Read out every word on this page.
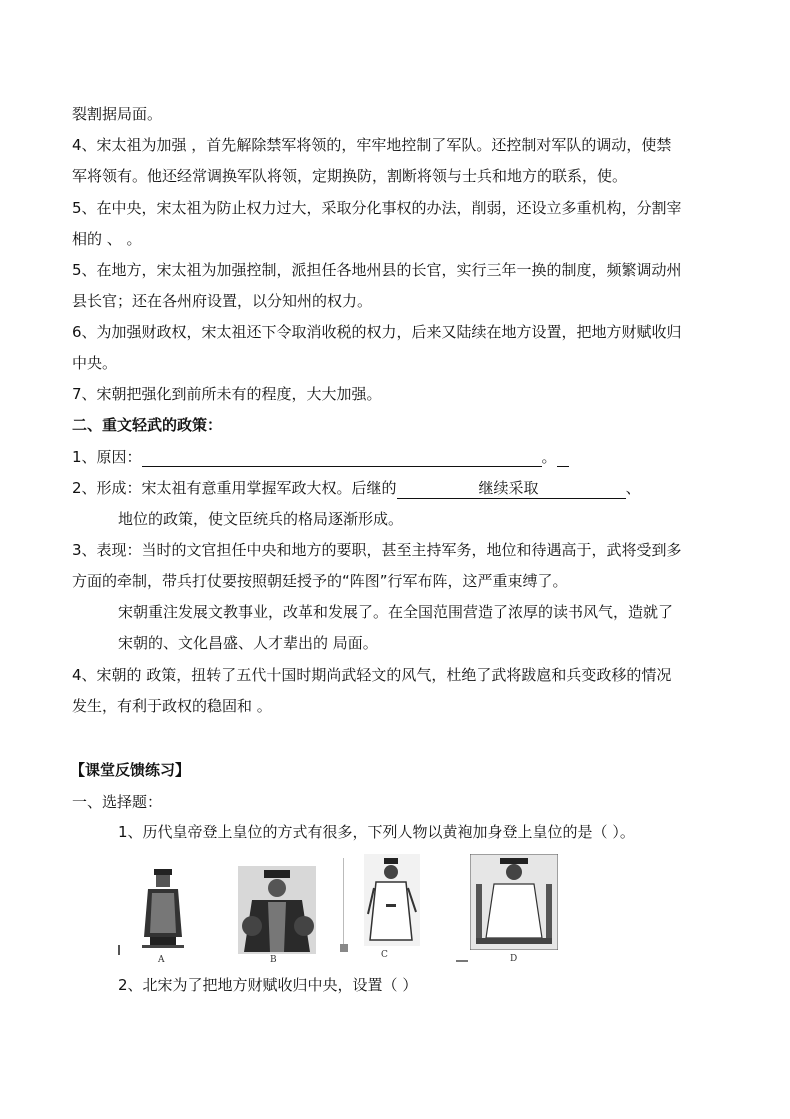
裂割据局面。
4、宋太祖为加强 ，首先解除禁军将领的，牢牢地控制了军队。还控制对军队的调动，使禁
军将领有。他还经常调换军队将领，定期换防，割断将领与士兵和地方的联系，使。
5、在中央，宋太祖为防止权力过大，采取分化事权的办法，削弱，还设立多重机构，分割宰
相的 、 。
5、在地方，宋太祖为加强控制，派担任各地州县的长官，实行三年一换的制度，频繁调动州
县长官；还在各州府设置，以分知州的权力。
6、为加强财政权，宋太祖还下令取消收税的权力，后来又陆续在地方设置，把地方财赋收归
中央。
7、宋朝把强化到前所未有的程度，大大加强。
二、重文轻武的政策：
1、原因：	。
2、形成：宋太祖有意重用掌握军政大权。后继的	继续采取	、
地位的政策，使文臣统兵的格局逐渐形成。
3、表现：当时的文官担任中央和地方的要职，甚至主持军务，地位和待遇高于，武将受到多
方面的牵制，带兵打仗要按照朝廷授予的“阵图”行军布阵，这严重束缚了。
宋朝重注发展文教事业，改革和发展了。在全国范围营造了浓厚的读书风气，造就了
宋朝的、文化昌盛、人才辈出的 局面。
4、宋朝的 政策，扭转了五代十国时期尚武轻文的风气，杜绝了武将跋扈和兵变政移的情况
发生，有利于政权的稳固和 。
【课堂反馈练习】
一、选择题：
1、历代皇帝登上皇位的方式有很多，下列人物以黄袍加身登上皇位的是（ ）。
A	B	C	D
2、北宋为了把地方财赋收归中央，设置（ ）
